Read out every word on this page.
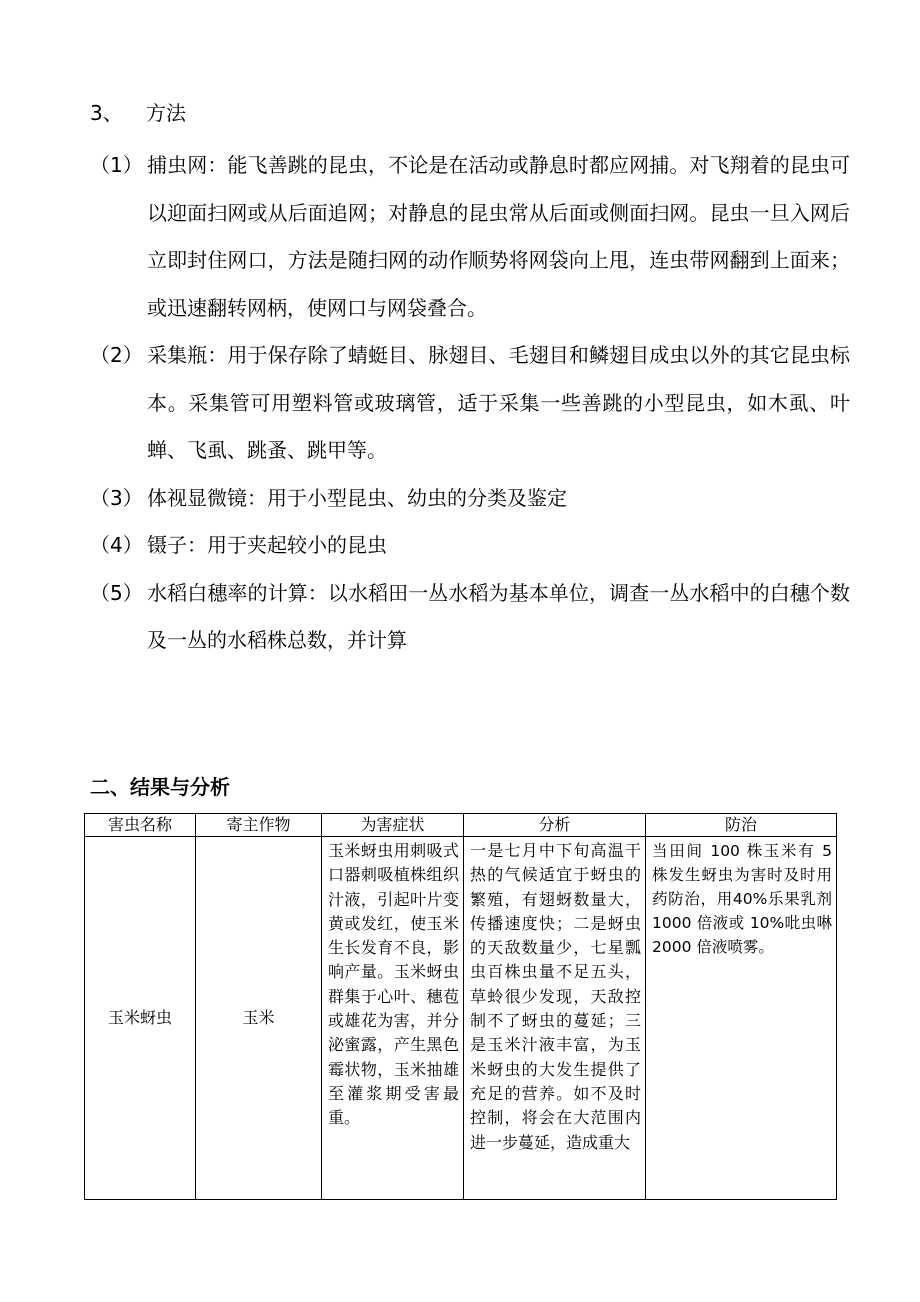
3、 方法

（1） 捕虫网：能飞善跳的昆虫，不论是在活动或静息时都应网捕。对飞翔着的昆虫可以迎面扫网或从后面追网；对静息的昆虫常从后面或侧面扫网。昆虫一旦入网后立即封住网口，方法是随扫网的动作顺势将网袋向上甩，连虫带网翻到上面来；或迅速翻转网柄，使网口与网袋叠合。

（2） 采集瓶：用于保存除了蜻蜓目、脉翅目、毛翅目和鳞翅目成虫以外的其它昆虫标本。采集管可用塑料管或玻璃管，适于采集一些善跳的小型昆虫，如木虱、叶蝉、飞虱、跳蚤、跳甲等。

（3） 体视显微镜：用于小型昆虫、幼虫的分类及鉴定

（4） 镊子：用于夹起较小的昆虫

（5） 水稻白穗率的计算：以水稻田一丛水稻为基本单位，调查一丛水稻中的白穗个数及一丛的水稻株总数，并计算

二、结果与分析
害虫名称	寄主作物	为害症状	分析	防治
玉米蚜虫	玉米	玉米蚜虫用刺吸式口器刺吸植株组织汁液，引起叶片变黄或发红，使玉米生长发育不良，影响产量。玉米蚜虫群集于心叶、穗苞或雄花为害，并分泌蜜露，产生黑色霉状物，玉米抽雄至灌浆期受害最重。	一是七月中下旬高温干热的气候适宜于蚜虫的繁殖，有翅蚜数量大，传播速度快；二是蚜虫的天敌数量少，七星瓢虫百株虫量不足五头，草蛉很少发现，天敌控制不了蚜虫的蔓延；三是玉米汁液丰富，为玉米蚜虫的大发生提供了充足的营养。如不及时控制，将会在大范围内进一步蔓延，造成重大	当田间 100 株玉米有 5 株发生蚜虫为害时及时用药防治，用40%乐果乳剂 1000 倍液或 10%吡虫啉 2000 倍液喷雾。
